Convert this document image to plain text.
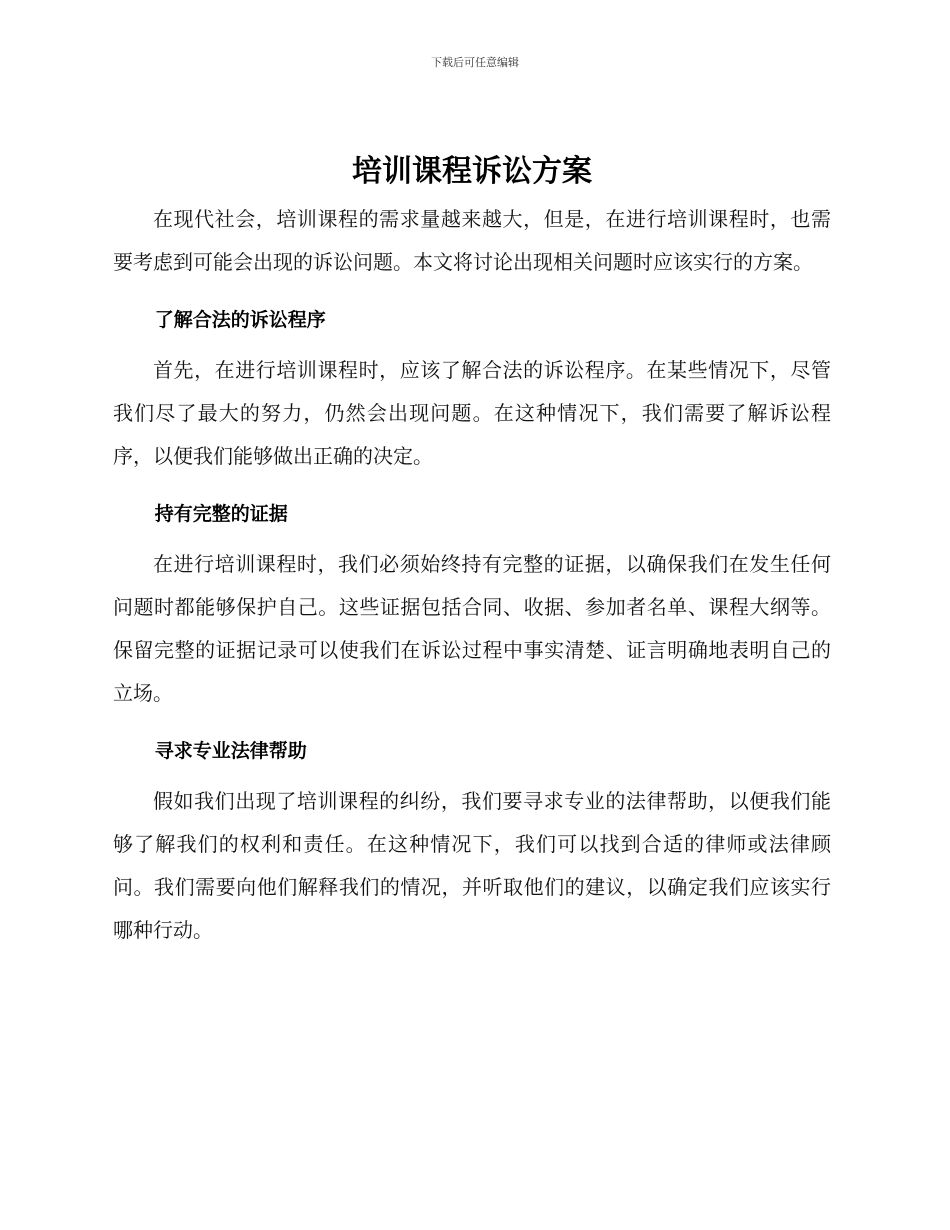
下载后可任意编辑
培训课程诉讼方案

在现代社会，培训课程的需求量越来越大，但是，在进行培训课程时，也需要考虑到可能会出现的诉讼问题。本文将讨论出现相关问题时应该实行的方案。

了解合法的诉讼程序

首先，在进行培训课程时，应该了解合法的诉讼程序。在某些情况下，尽管我们尽了最大的努力，仍然会出现问题。在这种情况下，我们需要了解诉讼程序，以便我们能够做出正确的决定。

持有完整的证据

在进行培训课程时，我们必须始终持有完整的证据，以确保我们在发生任何问题时都能够保护自己。这些证据包括合同、收据、参加者名单、课程大纲等。保留完整的证据记录可以使我们在诉讼过程中事实清楚、证言明确地表明自己的立场。

寻求专业法律帮助

假如我们出现了培训课程的纠纷，我们要寻求专业的法律帮助，以便我们能够了解我们的权利和责任。在这种情况下，我们可以找到合适的律师或法律顾问。我们需要向他们解释我们的情况，并听取他们的建议，以确定我们应该实行哪种行动。
